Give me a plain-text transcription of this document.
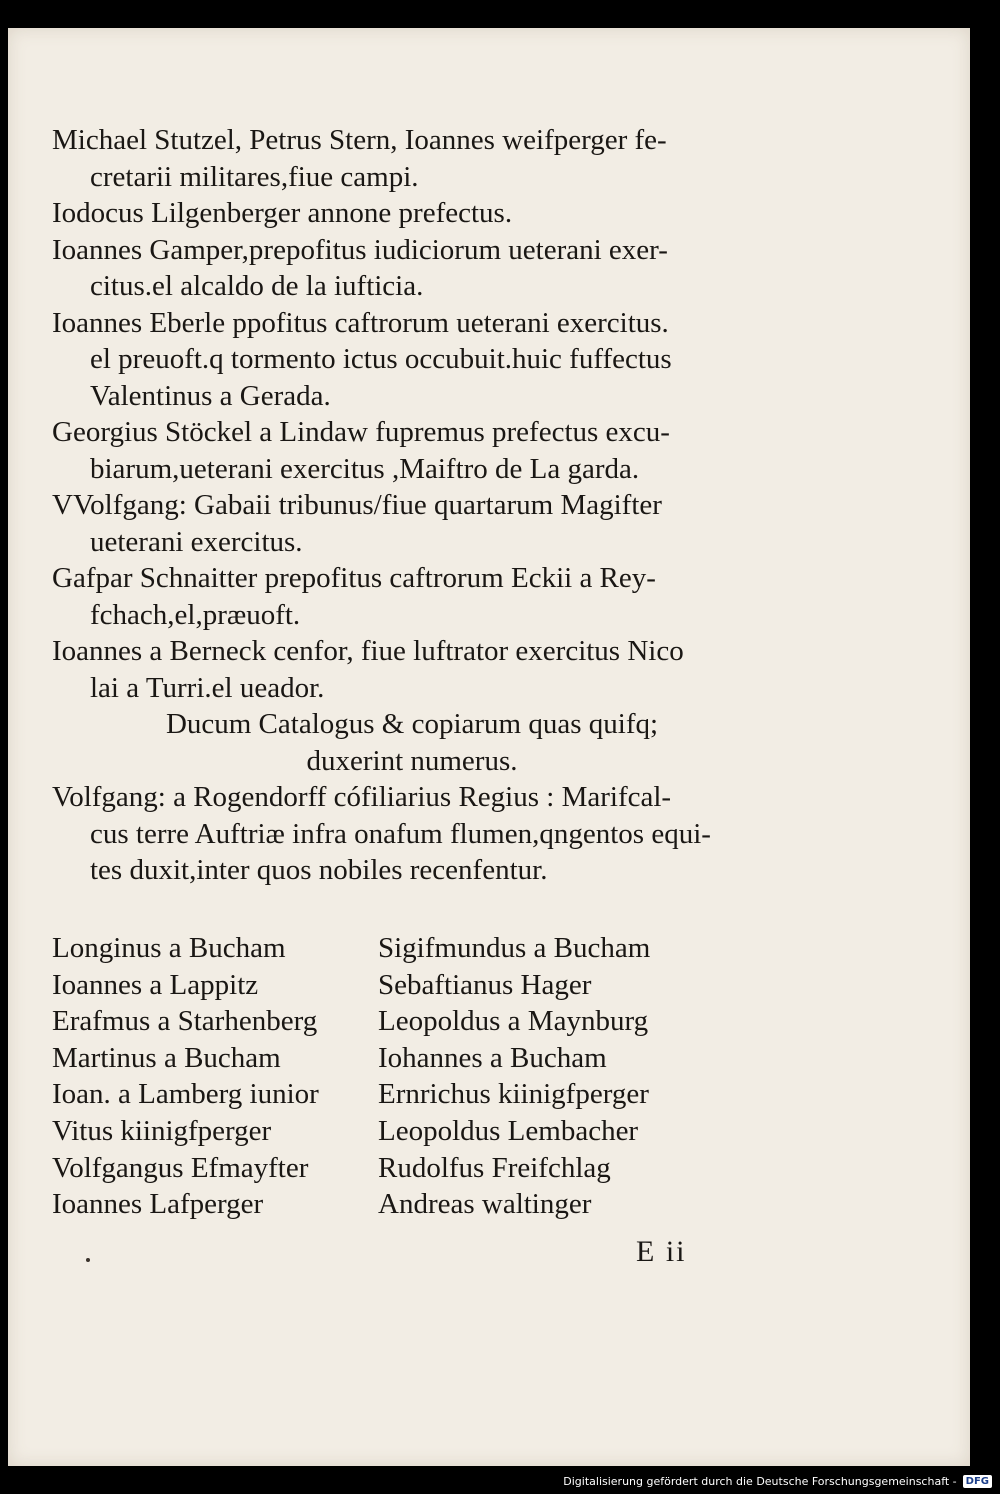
Michael Stutzel, Petrus Stern, Ioannes weifperger fe-
cretarii militares,fiue campi.
Iodocus Lilgenberger annone prefectus.
Ioannes Gamper,prepofitus iudiciorum ueterani exer-
citus.el alcaldo de la iufticia.
Ioannes Eberle ppofitus caftrorum ueterani exercitus.
el preuoft.q tormento ictus occubuit.huic fuffectus
Valentinus a Gerada.
Georgius Stöckel a Lindaw fupremus prefectus excu-
biarum,ueterani exercitus ,Maiftro de La garda.
VVolfgang: Gabaii tribunus/fiue quartarum Magifter
ueterani exercitus.
Gafpar Schnaitter prepofitus caftrorum Eckii a Rey-
fchach,el,præuoft.
Ioannes a Berneck cenfor, fiue luftrator exercitus Nico
lai a Turri.el ueador.
Ducum Catalogus & copiarum quas quifq;
duxerint numerus.
Volfgang: a Rogendorff cófiliarius Regius : Marifcal-
cus terre Auftriæ infra onafum flumen,qngentos equi-
tes duxit,inter quos nobiles recenfentur.
Longinus a Bucham
Ioannes a Lappitz
Erafmus a Starhenberg
Martinus a Bucham
Ioan. a Lamberg iunior
Vitus kiinigfperger
Volfgangus Efmayfter
Ioannes Lafperger
Sigifmundus a Bucham
Sebaftianus Hager
Leopoldus a Maynburg
Iohannes a Bucham
Ernrichus kiinigfperger
Leopoldus Lembacher
Rudolfus Freifchlag
Andreas waltinger
E ii
Digitalisierung gefördert durch die Deutsche Forschungsgemeinschaft - DFG
